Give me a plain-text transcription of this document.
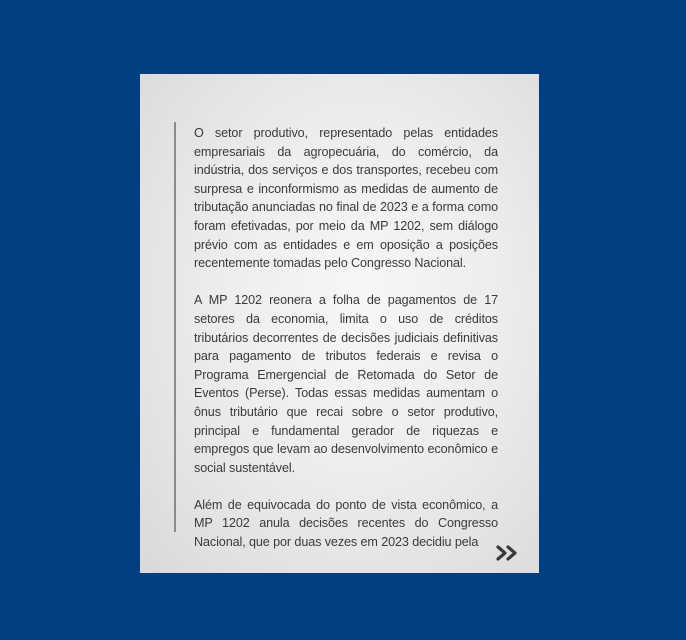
O setor produtivo, representado pelas entidades empresariais da agropecuária, do comércio, da indústria, dos serviços e dos transportes, recebeu com surpresa e inconformismo as medidas de aumento de tributação anunciadas no final de 2023 e a forma como foram efetivadas, por meio da MP 1202, sem diálogo prévio com as entidades e em oposição a posições recentemente tomadas pelo Congresso Nacional.

A MP 1202 reonera a folha de pagamentos de 17 setores da economia, limita o uso de créditos tributários decorrentes de decisões judiciais definitivas para pagamento de tributos federais e revisa o Programa Emergencial de Retomada do Setor de Eventos (Perse). Todas essas medidas aumentam o ônus tributário que recai sobre o setor produtivo, principal e fundamental gerador de riquezas e empregos que levam ao desenvolvimento econômico e social sustentável.

Além de equivocada do ponto de vista econômico, a MP 1202 anula decisões recentes do Congresso Nacional, que por duas vezes em 2023 decidiu pela
